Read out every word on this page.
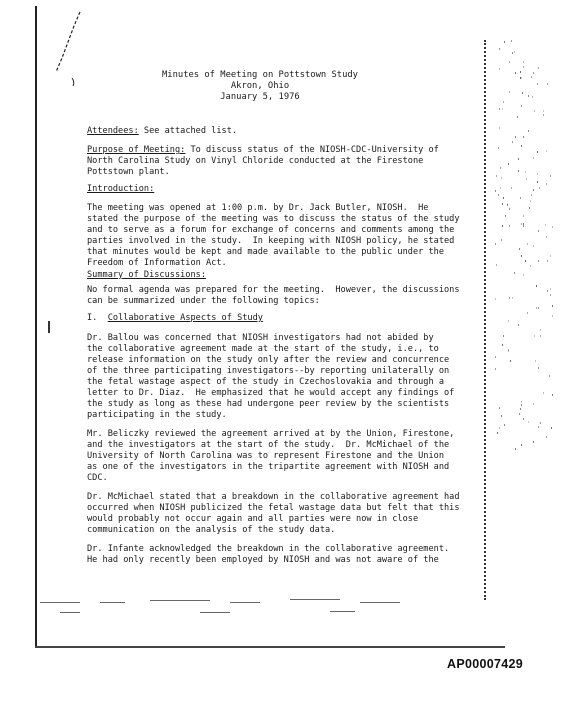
Minutes of Meeting on Pottstown Study
Akron, Ohio
January 5, 1976
Attendees: See attached list.
Purpose of Meeting: To discuss status of the NIOSH-CDC-University of
North Carolina Study on Vinyl Chloride conducted at the Firestone
Pottstown plant.
Introduction:
The meeting was opened at 1:00 p.m. by Dr. Jack Butler, NIOSH.  He
stated the purpose of the meeting was to discuss the status of the study
and to serve as a forum for exchange of concerns and comments among the
parties involved in the study.  In keeping with NIOSH policy, he stated
that minutes would be kept and made available to the public under the
Freedom of Information Act.
Summary of Discussions:
No formal agenda was prepared for the meeting.  However, the discussions
can be summarized under the following topics:
I. Collaborative Aspects of Study
Dr. Ballou was concerned that NIOSH investigators had not abided by
the collaborative agreement made at the start of the study, i.e., to
release information on the study only after the review and concurrence
of the three participating investigators--by reporting unilaterally on
the fetal wastage aspect of the study in Czechoslovakia and through a
letter to Dr. Diaz.  He emphasized that he would accept any findings of
the study as long as these had undergone peer review by the scientists
participating in the study.
Mr. Beliczky reviewed the agreement arrived at by the Union, Firestone,
and the investigators at the start of the study.  Dr. McMichael of the
University of North Carolina was to represent Firestone and the Union
as one of the investigators in the tripartite agreement with NIOSH and
CDC.
Dr. McMichael stated that a breakdown in the collaborative agreement had
occurred when NIOSH publicized the fetal wastage data but felt that this
would probably not occur again and all parties were now in close
communication on the analysis of the study data.
Dr. Infante acknowledged the breakdown in the collaborative agreement.
He had only recently been employed by NIOSH and was not aware of the
AP00007429
